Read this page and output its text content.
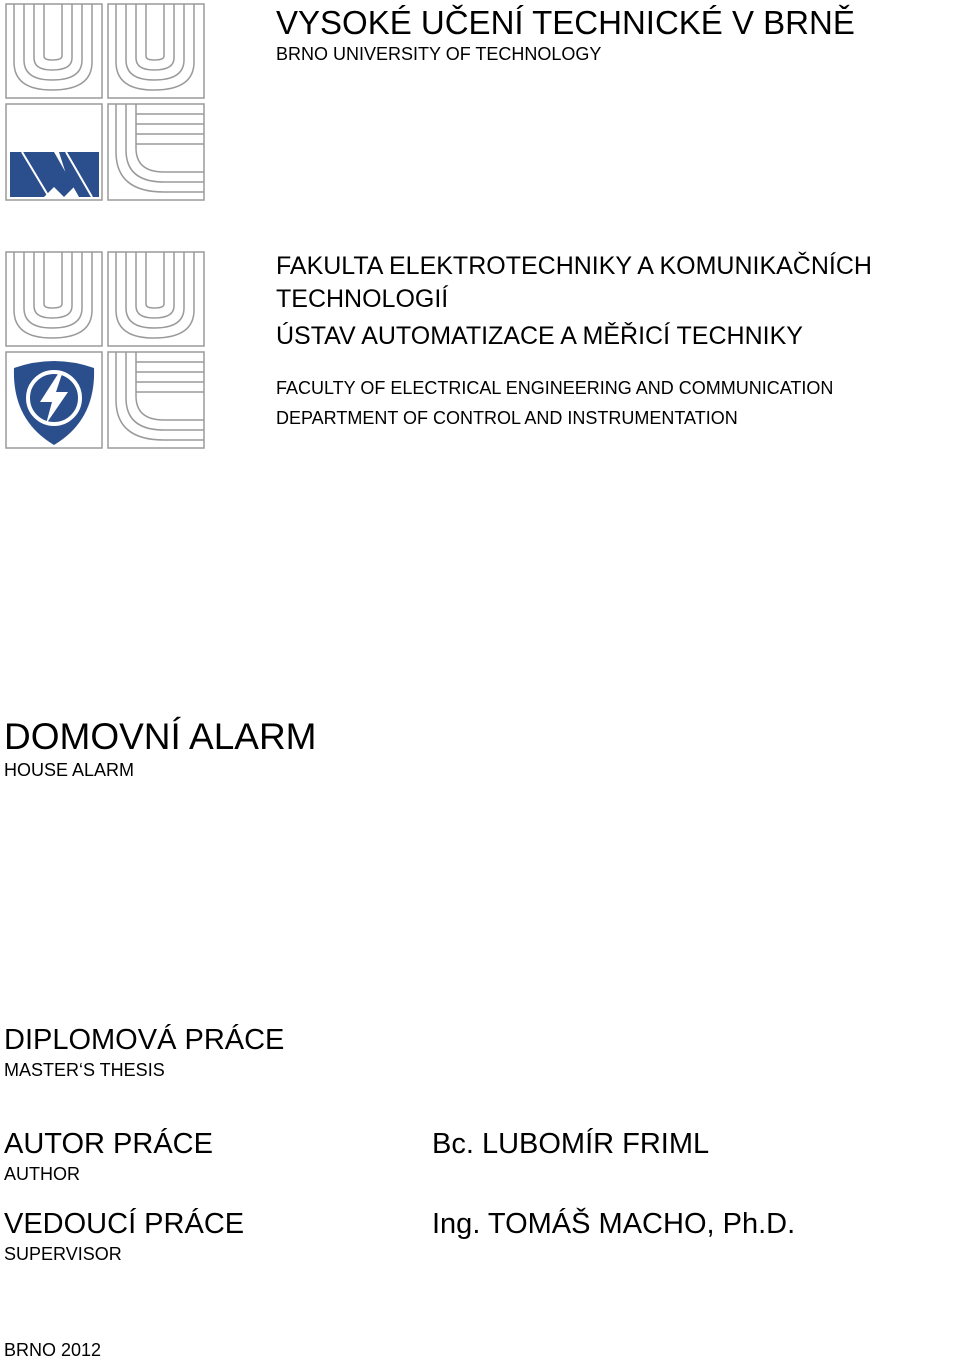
VYSOKÉ UČENÍ TECHNICKÉ V BRNĚ
BRNO UNIVERSITY OF TECHNOLOGY
FAKULTA ELEKTROTECHNIKY A KOMUNIKAČNÍCH
TECHNOLOGIÍ
ÚSTAV AUTOMATIZACE A MĚŘICÍ TECHNIKY
FACULTY OF ELECTRICAL ENGINEERING AND COMMUNICATION
DEPARTMENT OF CONTROL AND INSTRUMENTATION
DOMOVNÍ ALARM
HOUSE ALARM
DIPLOMOVÁ PRÁCE
MASTER‘S THESIS
AUTOR PRÁCE
AUTHOR
Bc. LUBOMÍR FRIML
VEDOUCÍ PRÁCE
SUPERVISOR
Ing. TOMÁŠ MACHO, Ph.D.
BRNO 2012
